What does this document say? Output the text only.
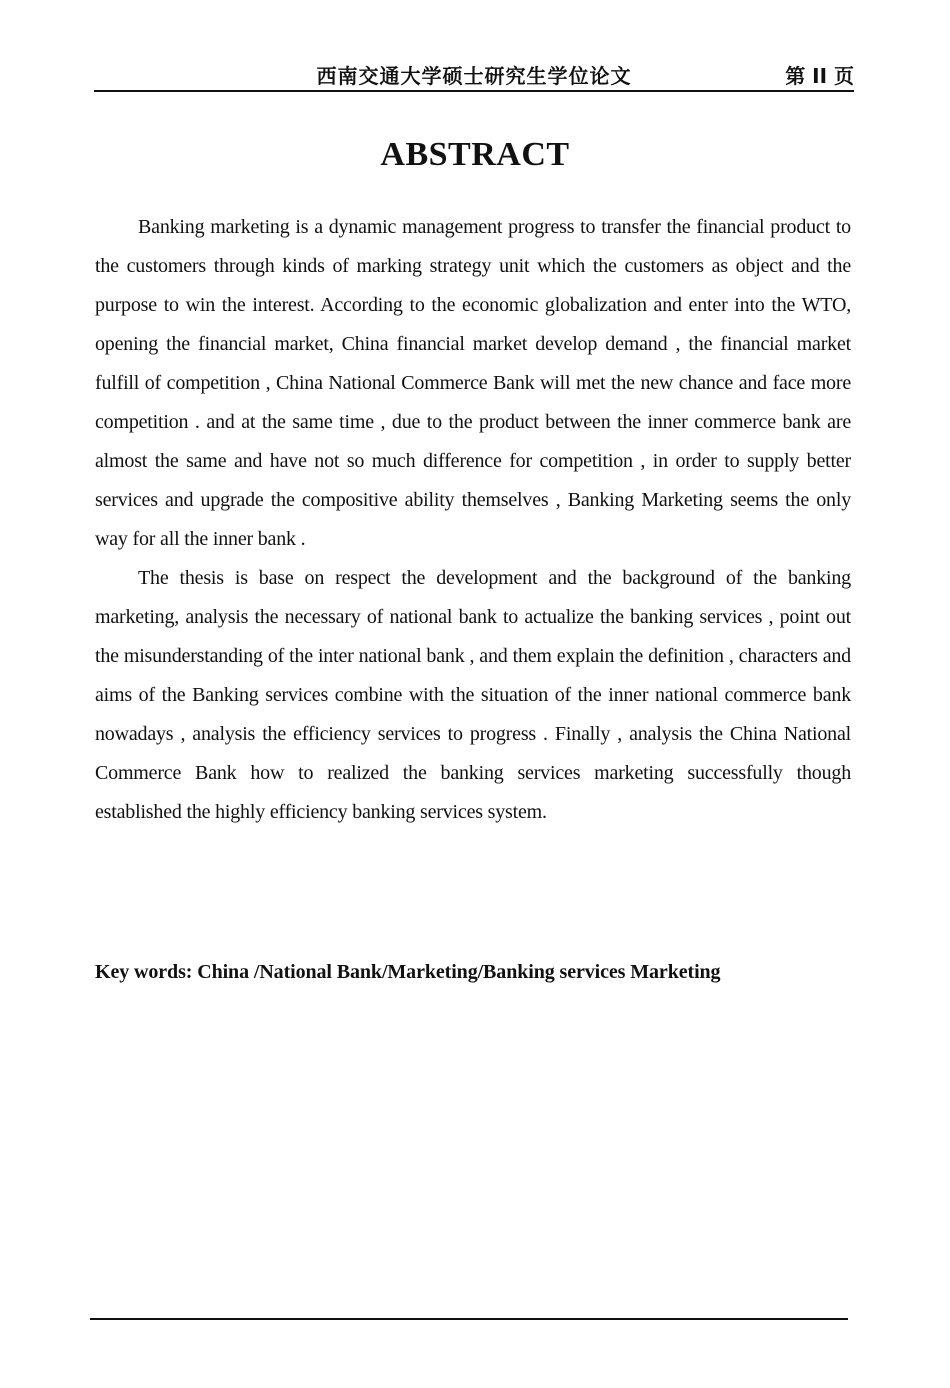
西南交通大学硕士研究生学位论文	第 II 页
ABSTRACT

Banking marketing is a dynamic management progress to transfer the financial product to the customers through kinds of marking strategy unit which the customers as object and the purpose to win the interest. According to the economic globalization and enter into the WTO, opening the financial market, China financial market develop demand , the financial market fulfill of competition , China National Commerce Bank will met the new chance and face more competition . and at the same time , due to the product between the inner commerce bank are almost the same and have not so much difference for competition , in order to supply better services and upgrade the compositive ability themselves , Banking Marketing seems the only way for all the inner bank .

The thesis is base on respect the development and the background of the banking marketing, analysis the necessary of national bank to actualize the banking services , point out the misunderstanding of the inter national bank , and them explain the definition , characters and aims of the Banking services combine with the situation of the inner national commerce bank nowadays , analysis the efficiency services to progress . Finally , analysis the China National Commerce Bank how to realized the banking services marketing successfully though established the highly efficiency banking services system.

Key words: China /National Bank/Marketing/Banking services Marketing
